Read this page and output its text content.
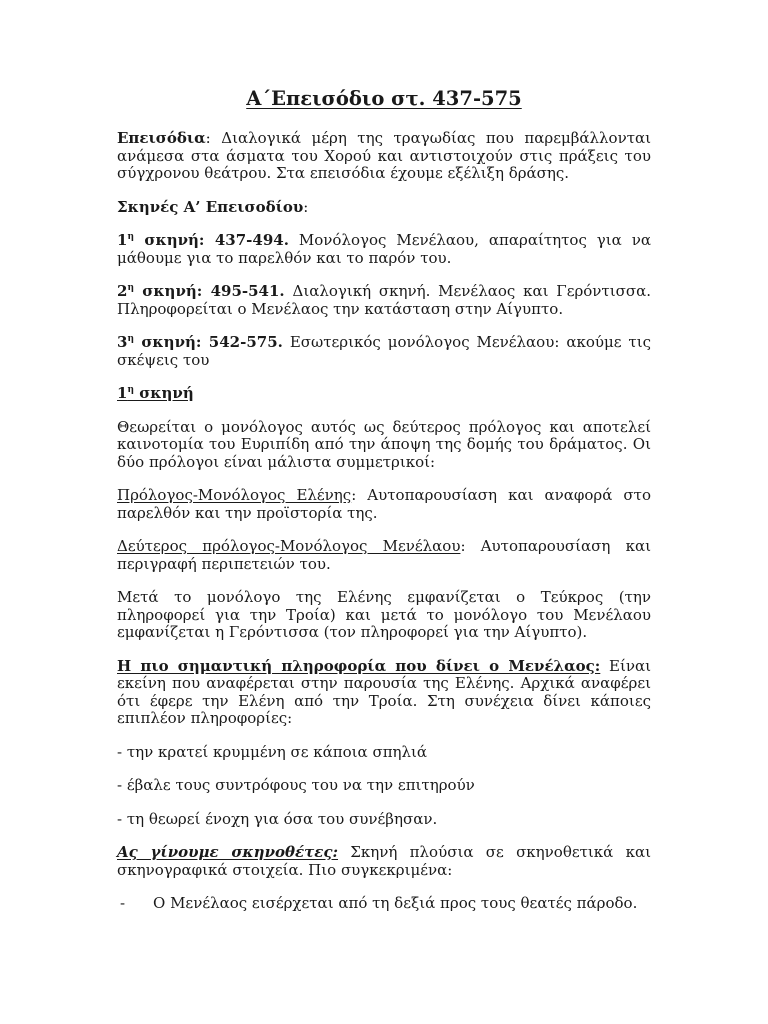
Α΄Επεισόδιο στ. 437-575

Επεισόδια: Διαλογικά μέρη της τραγωδίας που παρεμβάλλονται ανάμεσα στα άσματα του Χορού και αντιστοιχούν στις πράξεις του σύγχρονου θεάτρου. Στα επεισόδια έχουμε εξέλιξη δράσης.

Σκηνές Α’ Επεισοδίου:

$1^\eta$ σκηνή: 437-494. Μονόλογος Μενέλαου, απαραίτητος για να μάθουμε για το παρελθόν και το παρόν του.

$2^\eta$ σκηνή: 495-541. Διαλογική σκηνή. Μενέλαος και Γερόντισσα. Πληροφορείται ο Μενέλαος την κατάσταση στην Αίγυπτο.

$3^\eta$ σκηνή: 542-575. Εσωτερικός μονόλογος Μενέλαου: ακούμε τις σκέψεις του

$1^\eta$ σκηνή

Θεωρείται ο μονόλογος αυτός ως δεύτερος πρόλογος και αποτελεί καινοτομία του Ευριπίδη από την άποψη της δομής του δράματος. Οι δύο πρόλογοι είναι μάλιστα συμμετρικοί:

Πρόλογος-Μονόλογος Ελένης: Αυτοπαρουσίαση και αναφορά στο παρελθόν και την προϊστορία της.

Δεύτερος πρόλογος-Μονόλογος Μενέλαου: Αυτοπαρουσίαση και περιγραφή περιπετειών του.

Μετά το μονόλογο της Ελένης εμφανίζεται ο Τεύκρος (την πληροφορεί για την Τροία) και μετά το μονόλογο του Μενέλαου εμφανίζεται η Γερόντισσα (τον πληροφορεί για την Αίγυπτο).

Η πιο σημαντική πληροφορία που δίνει ο Μενέλαος: Είναι εκείνη που αναφέρεται στην παρουσία της Ελένης. Αρχικά αναφέρει ότι έφερε την Ελένη από την Τροία. Στη συνέχεια δίνει κάποιες επιπλέον πληροφορίες:

- την κρατεί κρυμμένη σε κάποια σπηλιά

- έβαλε τους συντρόφους του να την επιτηρούν

- τη θεωρεί ένοχη για όσα του συνέβησαν.

Ας γίνουμε σκηνοθέτες: Σκηνή πλούσια σε σκηνοθετικά και σκηνογραφικά στοιχεία. Πιο συγκεκριμένα:

-	Ο Μενέλαος εισέρχεται από τη δεξιά προς τους θεατές πάροδο.
